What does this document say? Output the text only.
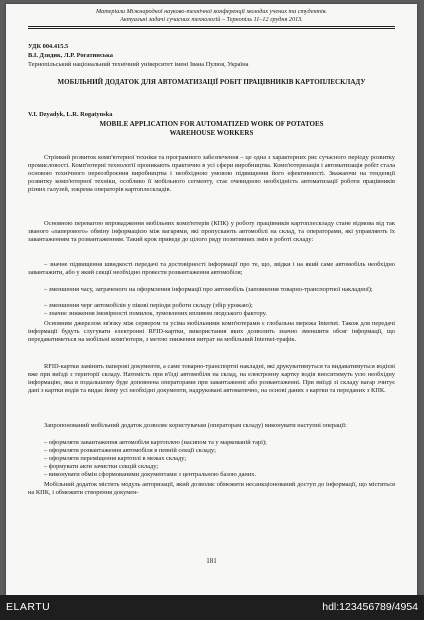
Матеріали Міжнародної науково-технічної конференції молодих учених та студентів.
Актуальні задачі сучасних технологій – Тернопіль 11–12 грудня 2013.
УДК 004.415.5
В.І. Дзядик, Л.Р. Рогатинська
Тернопільський національний технічний університет імені Івана Пулюя, Україна
МОБІЛЬНИЙ ДОДАТОК ДЛЯ АВТОМАТИЗАЦІЇ РОБІТ ПРАЦІВНИКІВ КАРТОПЛЕСКЛАДУ
V.I. Dzyadyk, L.R. Rogatynska
MOBILE APPLICATION FOR AUTOMATIZED WORK OF POTATOES WAREHOUSE WORKERS
Стрімкий розвиток комп'ютерної техніки та програмного забезпечення – це одна з характерних рис сучасного періоду розвитку промисловості. Комп'ютерні технології проникають практично в усі сфери виробництва. Комп'ютеризація і автоматизація робіт стала основою технічного переозброєння виробництва і необхідною умовою підвищення його ефективності. Зважаючи на тенденції розвитку комп'ютерної техніки, особливо її мобільного сегменту, стає очевидною необхідність автоматизації роботи працівників різних галузей, зокрема операторів картоплескладів.
Основною перевагою впровадження мобільних комп'ютерів (КПК) у роботу працівників картоплескладу стане відмова від так званого «паперового» обміну інформацією між вагарями, які пропускають автомобілі на склад, та операторами, які управляють їх завантаженням та розвантаженням. Такий крок приведе до цілого ряду позитивних змін в роботі складу:
– значне підвищення швидкості передачі та достовірності інформації про те, що, звідки і на який саме автомобіль необхідно завантажити, або у який секції необхідно провести розвантаження автомобіля;
– зменшення часу, затраченого на оформлення інформації про автомобіль (заповнення товарно-транспортної накладної);
– зменшення черг автомобілів у пікові періоди роботи складу (збір урожаю);
– значне зниження імовірності помилок, зумовлених впливом людського фактору.
Основним джерелом зв'язку між сервером та усіма мобільними комп'ютерами є глобальна мережа Internet. Також для передачі інформації будуть слугувати електронні RFID-картки, використання яких дозволить значно зменшити обсяг інформації, що передаватиметься на мобільні комп'ютери, з метою зниження витрат на мобільний Internet-трафік.
RFID-картки замінять паперові документи, а саме товарно-транспортні накладні, які друкуватимуться та видаватимуться водієві вже при виїзді з території складу. Натомість при в'їзді автомобіля на склад, на електронну картку водія вноситимуть усю необхідну інформацію, яка в подальшому буде доповнена операторами при завантаженні або розвантаженні. При виїзді зі складу вагар зчитує дані з картки водія та видає йому усі необхідні документи, надруковані автоматично, на основі даних з картки та переданих з КПК.
Запропонований мобільний додаток дозволяє користувачам (операторам складу) виконувати наступні операції:
– оформляти завантаження автомобіля картоплею (насипом та у маркованій тарі);
– оформляти розвантаження автомобіля в певній секції складу;
– оформляти переміщення картоплі в межах складу;
– формувати акти зачистки секцій складу;
– виконувати обмін сформованими документами з центральною базою даних.
Мобільний додаток містить модуль авторизації, який дозволяє обмежити несанкціонований доступ до інформації, що міститься на КПК, і обмежити створення докумен-
181
ELARTU	hdl:123456789/4954
